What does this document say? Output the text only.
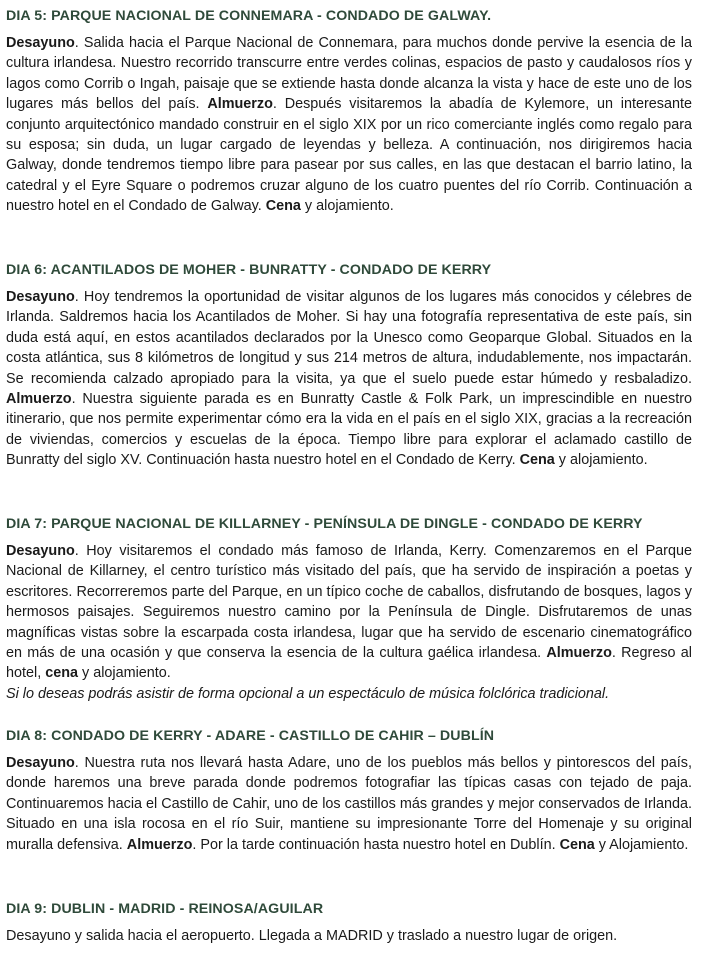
DIA 5: PARQUE NACIONAL DE CONNEMARA - CONDADO DE GALWAY.
Desayuno. Salida hacia el Parque Nacional de Connemara, para muchos donde pervive la esencia de la cultura irlandesa. Nuestro recorrido transcurre entre verdes colinas, espacios de pasto y caudalosos ríos y lagos como Corrib o Ingah, paisaje que se extiende hasta donde alcanza la vista y hace de este uno de los lugares más bellos del país. Almuerzo. Después visitaremos la abadía de Kylemore, un interesante conjunto arquitectónico mandado construir en el siglo XIX por un rico comerciante inglés como regalo para su esposa; sin duda, un lugar cargado de leyendas y belleza. A continuación, nos dirigiremos hacia Galway, donde tendremos tiempo libre para pasear por sus calles, en las que destacan el barrio latino, la catedral y el Eyre Square o podremos cruzar alguno de los cuatro puentes del río Corrib. Continuación a nuestro hotel en el Condado de Galway. Cena y alojamiento.
DIA 6: ACANTILADOS DE MOHER - BUNRATTY - CONDADO DE KERRY
Desayuno. Hoy tendremos la oportunidad de visitar algunos de los lugares más conocidos y célebres de Irlanda. Saldremos hacia los Acantilados de Moher. Si hay una fotografía representativa de este país, sin duda está aquí, en estos acantilados declarados por la Unesco como Geoparque Global. Situados en la costa atlántica, sus 8 kilómetros de longitud y sus 214 metros de altura, indudablemente, nos impactarán. Se recomienda calzado apropiado para la visita, ya que el suelo puede estar húmedo y resbaladizo. Almuerzo. Nuestra siguiente parada es en Bunratty Castle & Folk Park, un imprescindible en nuestro itinerario, que nos permite experimentar cómo era la vida en el país en el siglo XIX, gracias a la recreación de viviendas, comercios y escuelas de la época. Tiempo libre para explorar el aclamado castillo de Bunratty del siglo XV. Continuación hasta nuestro hotel en el Condado de Kerry. Cena y alojamiento.
DIA 7: PARQUE NACIONAL DE KILLARNEY - PENÍNSULA DE DINGLE - CONDADO DE KERRY
Desayuno. Hoy visitaremos el condado más famoso de Irlanda, Kerry. Comenzaremos en el Parque Nacional de Killarney, el centro turístico más visitado del país, que ha servido de inspiración a poetas y escritores. Recorreremos parte del Parque, en un típico coche de caballos, disfrutando de bosques, lagos y hermosos paisajes. Seguiremos nuestro camino por la Península de Dingle. Disfrutaremos de unas magníficas vistas sobre la escarpada costa irlandesa, lugar que ha servido de escenario cinematográfico en más de una ocasión y que conserva la esencia de la cultura gaélica irlandesa. Almuerzo. Regreso al hotel, cena y alojamiento.
Si lo deseas podrás asistir de forma opcional a un espectáculo de música folclórica tradicional.
DIA 8: CONDADO DE KERRY - ADARE - CASTILLO DE CAHIR – DUBLÍN
Desayuno. Nuestra ruta nos llevará hasta Adare, uno de los pueblos más bellos y pintorescos del país, donde haremos una breve parada donde podremos fotografiar las típicas casas con tejado de paja. Continuaremos hacia el Castillo de Cahir, uno de los castillos más grandes y mejor conservados de Irlanda. Situado en una isla rocosa en el río Suir, mantiene su impresionante Torre del Homenaje y su original muralla defensiva. Almuerzo. Por la tarde continuación hasta nuestro hotel en Dublín. Cena y Alojamiento.
DIA 9: DUBLIN - MADRID - REINOSA/AGUILAR
Desayuno y salida hacia el aeropuerto. Llegada a MADRID y traslado a nuestro lugar de origen.
